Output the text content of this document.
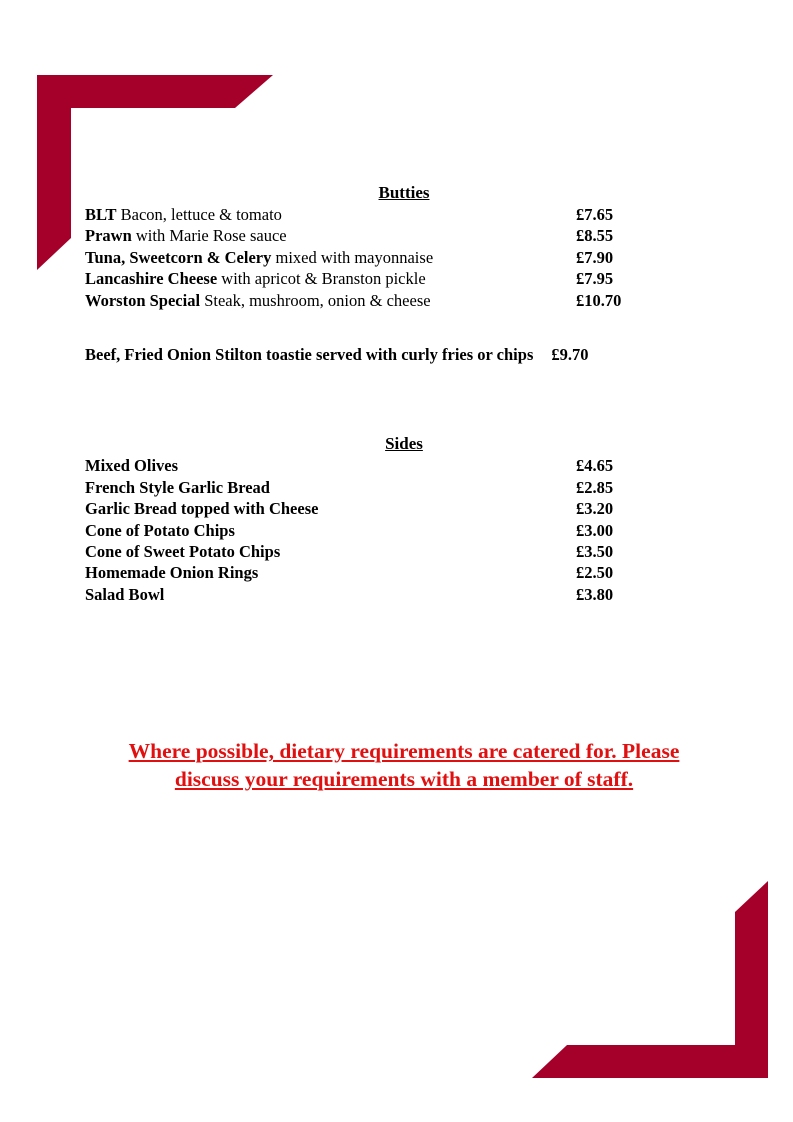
Butties
BLT Bacon, lettuce & tomato	£7.65
Prawn with Marie Rose sauce	£8.55
Tuna, Sweetcorn & Celery mixed with mayonnaise	£7.90
Lancashire Cheese with apricot & Branston pickle	£7.95
Worston Special Steak, mushroom, onion & cheese	£10.70
Beef, Fried Onion Stilton toastie served with curly fries or chips £9.70
Sides
Mixed Olives	£4.65
French Style Garlic Bread	£2.85
Garlic Bread topped with Cheese	£3.20
Cone of Potato Chips	£3.00
Cone of Sweet Potato Chips	£3.50
Homemade Onion Rings	£2.50
Salad Bowl	£3.80
Where possible, dietary requirements are catered for. Please
discuss your requirements with a member of staff.
